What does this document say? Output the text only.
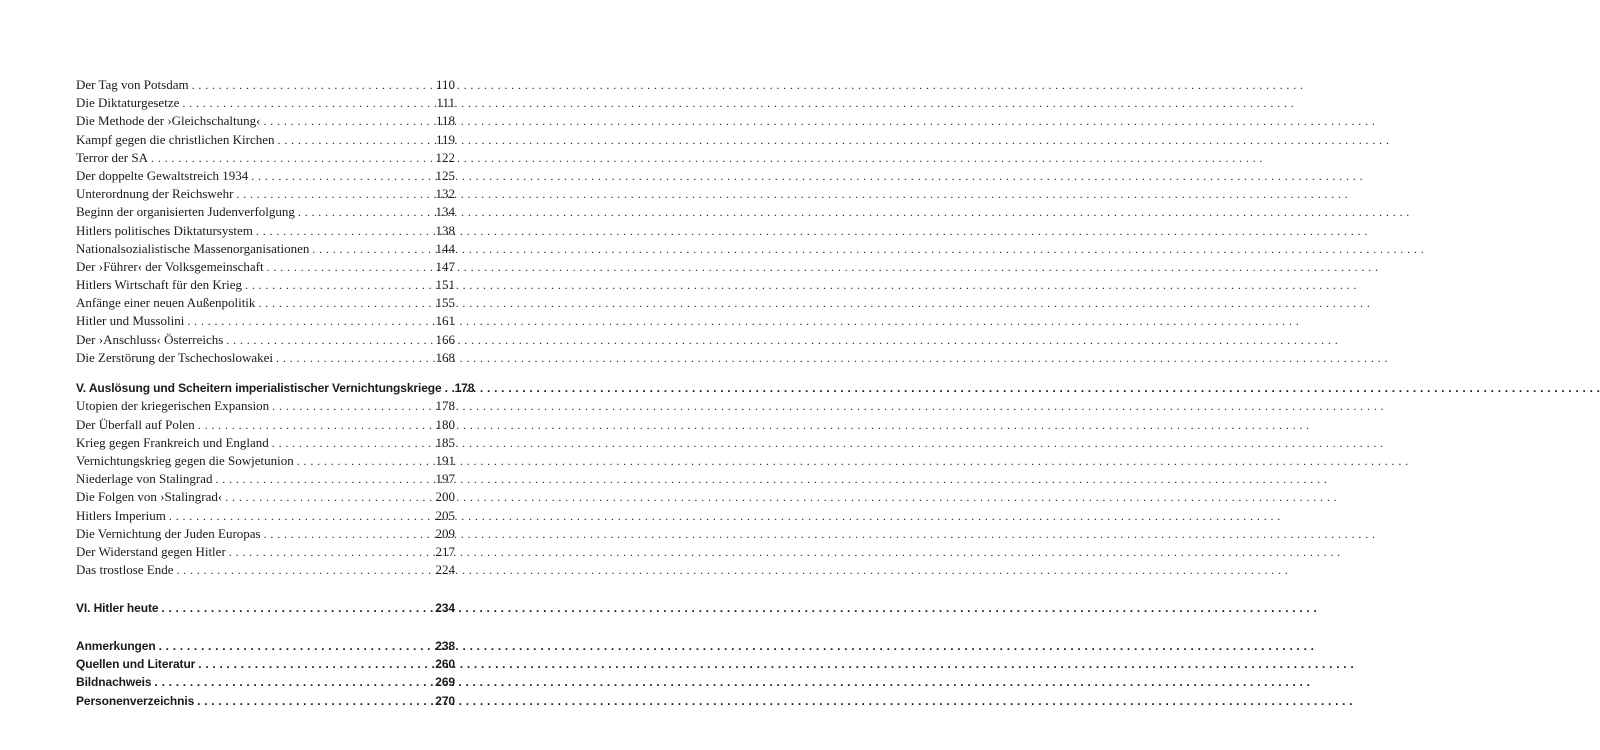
Der Tag von Potsdam . . .	110
Die Diktaturgesetze . . .	111
Die Methode der ›Gleichschaltung‹ . . .	118
Kampf gegen die christlichen Kirchen . . .	119
Terror der SA . . .	122
Der doppelte Gewaltstreich 1934 . . .	125
Unterordnung der Reichswehr . . .	132
Beginn der organisierten Judenverfolgung . . .	134
Hitlers politisches Diktatursystem . . .	138
Nationalsozialistische Massenorganisationen . . .	144
Der ›Führer‹ der Volksgemeinschaft . . .	147
Hitlers Wirtschaft für den Krieg . . .	151
Anfänge einer neuen Außenpolitik . . .	155
Hitler und Mussolini . . .	161
Der ›Anschluss‹ Österreichs . . .	166
Die Zerstörung der Tschechoslowakei . . .	168
V. Auslösung und Scheitern imperialistischer Vernichtungskriege . . .	178
Utopien der kriegerischen Expansion . . .	178
Der Überfall auf Polen . . .	180
Krieg gegen Frankreich und England . . .	185
Vernichtungskrieg gegen die Sowjetunion . . .	191
Niederlage von Stalingrad . . .	197
Die Folgen von ›Stalingrad‹ . . .	200
Hitlers Imperium . . .	205
Die Vernichtung der Juden Europas . . .	209
Der Widerstand gegen Hitler . . .	217
Das trostlose Ende . . .	224
VI. Hitler heute . . .	234
Anmerkungen . . .	238
Quellen und Literatur . . .	260
Bildnachweis . . .	269
Personenverzeichnis . . .	270
